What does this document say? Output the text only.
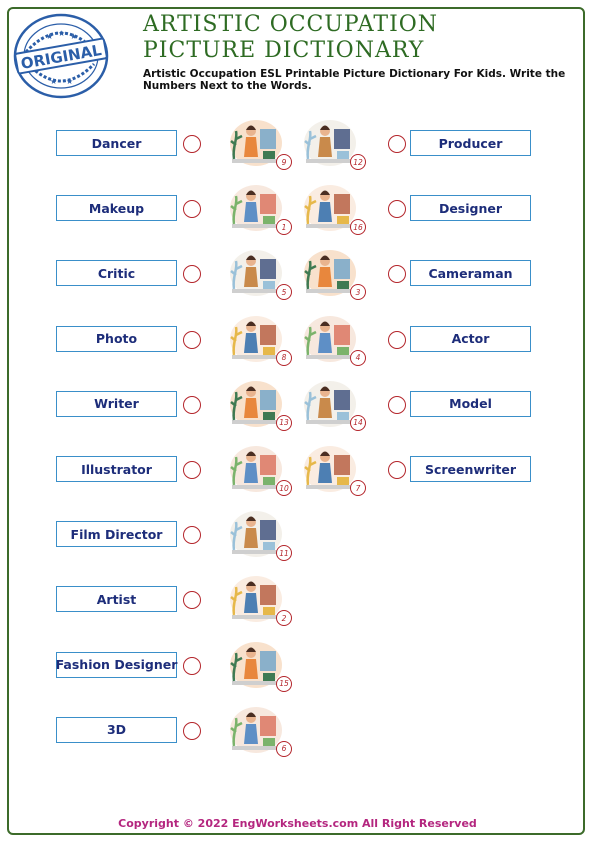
ORIGINAL
★ ★ ★
★ ★
ARTISTIC OCCUPATION
PICTURE DICTIONARY
Artistic Occupation ESL Printable Picture Dictionary For Kids. Write the Numbers Next to the Words.
Copyright © 2022 EngWorksheets.com All Right Reserved
Dancer
Makeup
Critic
Photo
Writer
Illustrator
Film Director
Artist
Fashion Designer
3D
Producer
Designer
Cameraman
Actor
Model
Screenwriter
9
1
5
8
13
10
11
2
15
6
12
16
3
4
14
7
